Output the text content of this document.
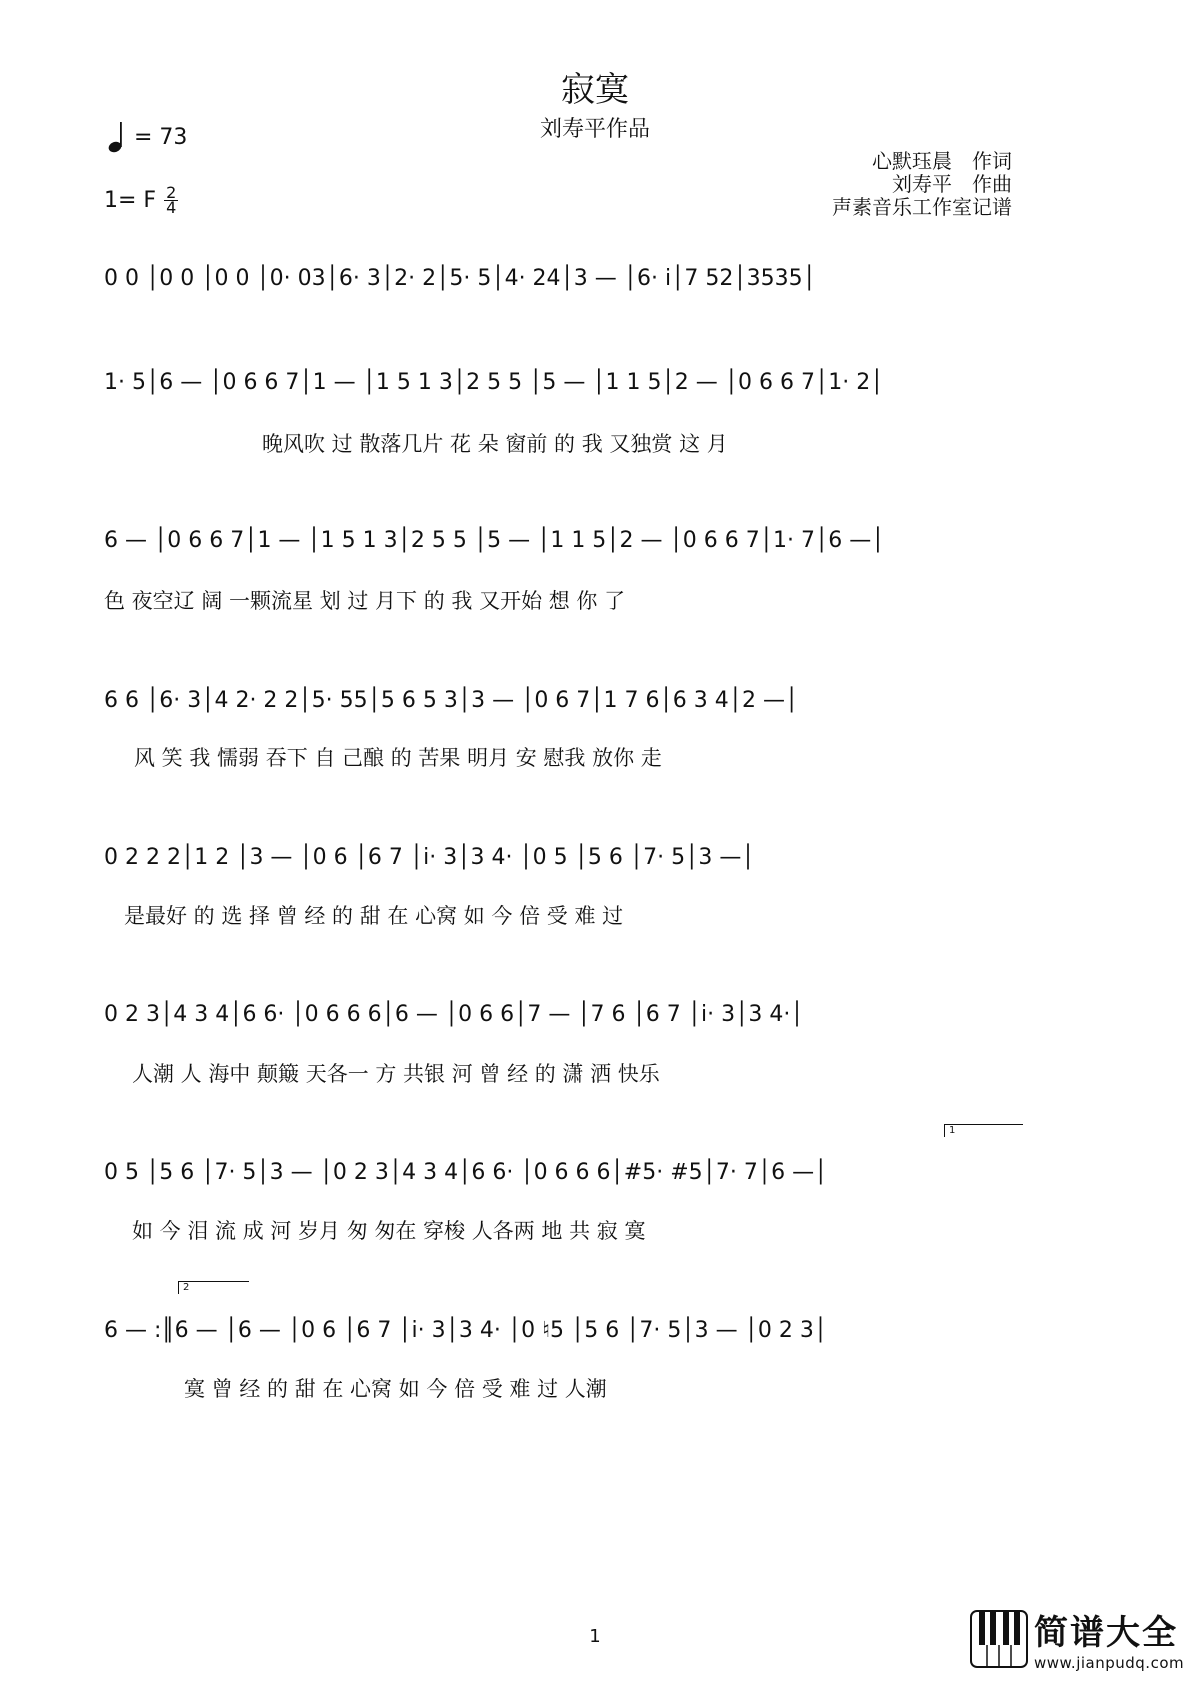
寂寞
刘寿平作品
= 73
1= F $\frac{2}{4}$
心默珏晨　作词
刘寿平　作曲
声素音乐工作室记谱
0 0 │0 0 │0 0 │0· 03│6· 3│2· 2│5· 5│4· 24│3 — │6· i│7 52│3535│
1· 5│6 — │0 6 6 7│1 — │1 5 1 3│2 5 5 │5 — │1 1 5│2 — │0 6 6 7│1· 2│
晚风吹 过 散落几片 花 朵 窗前 的 我 又独赏 这 月
6 — │0 6 6 7│1 — │1 5 1 3│2 5 5 │5 — │1 1 5│2 — │0 6 6 7│1· 7│6 —│
色 夜空辽 阔 一颗流星 划 过 月下 的 我 又开始 想 你 了
6 6 │6· 3│4 2· 2 2│5· 55│5 6 5 3│3 — │0 6 7│1 7 6│6 3 4│2 —│
风 笑 我 懦弱 吞下 自 己酿 的 苦果 明月 安 慰我 放你 走
0 2 2 2│1 2 │3 — │0 6 │6 7 │i· 3│3 4· │0 5 │5 6 │7· 5│3 —│
是最好 的 选 择 曾 经 的 甜 在 心窝 如 今 倍 受 难 过
0 2 3│4 3 4│6 6· │0 6 6 6│6 — │0 6 6│7 — │7 6 │6 7 │i· 3│3 4·│
人潮 人 海中 颠簸 天各一 方 共银 河 曾 经 的 潇 洒 快乐
1
0 5 │5 6 │7· 5│3 — │0 2 3│4 3 4│6 6· │0 6 6 6│#5· #5│7· 7│6 —│
如 今 泪 流 成 河 岁月 匆 匆在 穿梭 人各两 地 共 寂 寞
2
6 — :║6 — │6 — │0 6 │6 7 │i· 3│3 4· │0 ♮5 │5 6 │7· 5│3 — │0 2 3│
寞 曾 经 的 甜 在 心窝 如 今 倍 受 难 过 人潮
1	简谱大全
www.jianpudq.com
